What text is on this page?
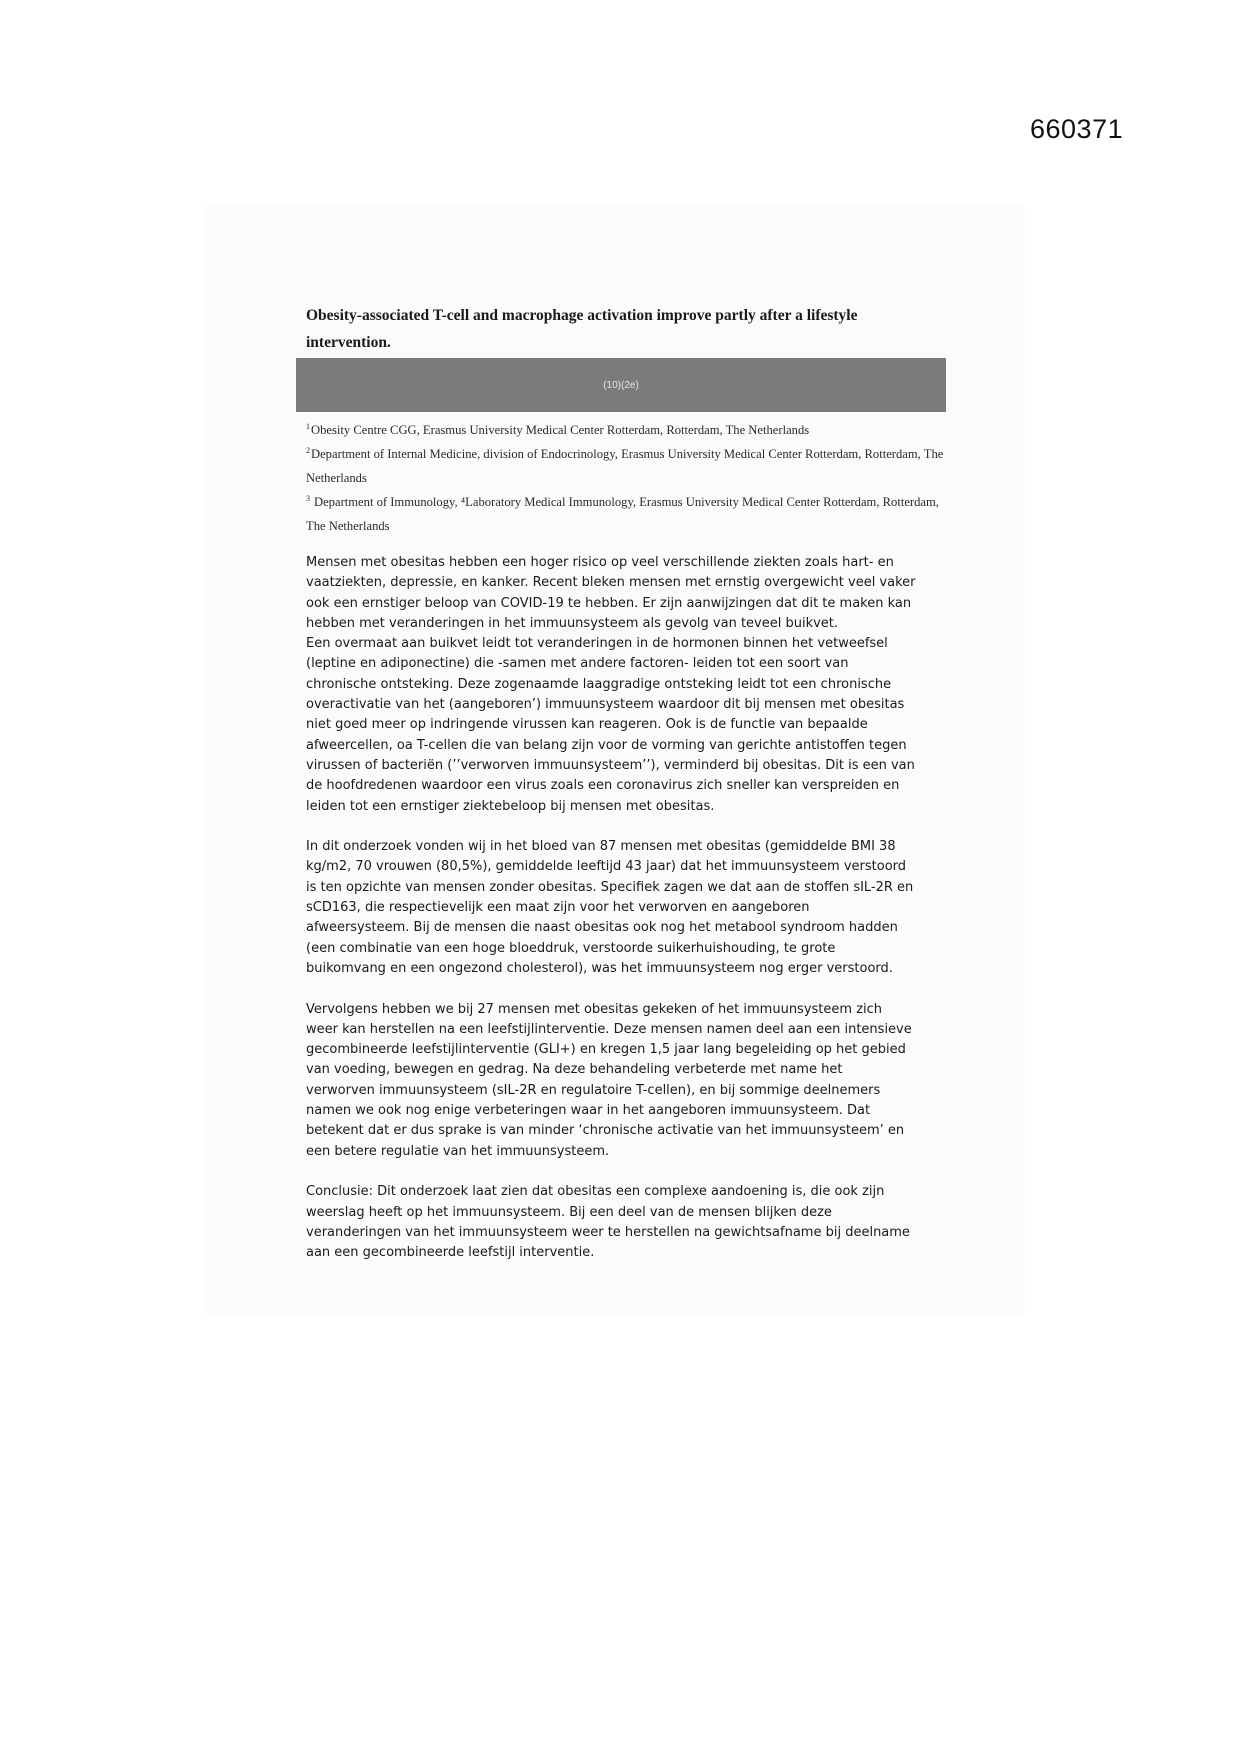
660371
Obesity-associated T-cell and macrophage activation improve partly after a lifestyle intervention.
(10)(2e)
$^1$Obesity Centre CGG, Erasmus University Medical Center Rotterdam, Rotterdam, The Netherlands
$^2$Department of Internal Medicine, division of Endocrinology, Erasmus University Medical Center Rotterdam, Rotterdam, The Netherlands
$^3$ Department of Immunology, ⁴Laboratory Medical Immunology, Erasmus University Medical Center Rotterdam, Rotterdam, The Netherlands

Mensen met obesitas hebben een hoger risico op veel verschillende ziekten zoals hart- en
vaatziekten, depressie, en kanker. Recent bleken mensen met ernstig overgewicht veel vaker
ook een ernstiger beloop van COVID-19 te hebben. Er zijn aanwijzingen dat dit te maken kan
hebben met veranderingen in het immuunsysteem als gevolg van teveel buikvet.
Een overmaat aan buikvet leidt tot veranderingen in de hormonen binnen het vetweefsel
(leptine en adiponectine) die -samen met andere factoren- leiden tot een soort van
chronische ontsteking. Deze zogenaamde laaggradige ontsteking leidt tot een chronische
overactivatie van het (aangeboren’) immuunsysteem waardoor dit bij mensen met obesitas
niet goed meer op indringende virussen kan reageren. Ook is de functie van bepaalde
afweercellen, oa T-cellen die van belang zijn voor de vorming van gerichte antistoffen tegen
virussen of bacteriën (’’verworven immuunsysteem’’), verminderd bij obesitas. Dit is een van
de hoofdredenen waardoor een virus zoals een coronavirus zich sneller kan verspreiden en
leiden tot een ernstiger ziektebeloop bij mensen met obesitas.

In dit onderzoek vonden wij in het bloed van 87 mensen met obesitas (gemiddelde BMI 38
kg/m2, 70 vrouwen (80,5%), gemiddelde leeftijd 43 jaar) dat het immuunsysteem verstoord
is ten opzichte van mensen zonder obesitas. Specifiek zagen we dat aan de stoffen sIL-2R en
sCD163, die respectievelijk een maat zijn voor het verworven en aangeboren
afweersysteem. Bij de mensen die naast obesitas ook nog het metabool syndroom hadden
(een combinatie van een hoge bloeddruk, verstoorde suikerhuishouding, te grote
buikomvang en een ongezond cholesterol), was het immuunsysteem nog erger verstoord.

Vervolgens hebben we bij 27 mensen met obesitas gekeken of het immuunsysteem zich
weer kan herstellen na een leefstijlinterventie. Deze mensen namen deel aan een intensieve
gecombineerde leefstijlinterventie (GLI+) en kregen 1,5 jaar lang begeleiding op het gebied
van voeding, bewegen en gedrag. Na deze behandeling verbeterde met name het
verworven immuunsysteem (sIL-2R en regulatoire T-cellen), en bij sommige deelnemers
namen we ook nog enige verbeteringen waar in het aangeboren immuunsysteem. Dat
betekent dat er dus sprake is van minder ‘chronische activatie van het immuunsysteem’ en
een betere regulatie van het immuunsysteem.

Conclusie: Dit onderzoek laat zien dat obesitas een complexe aandoening is, die ook zijn
weerslag heeft op het immuunsysteem. Bij een deel van de mensen blijken deze
veranderingen van het immuunsysteem weer te herstellen na gewichtsafname bij deelname
aan een gecombineerde leefstijl interventie.
